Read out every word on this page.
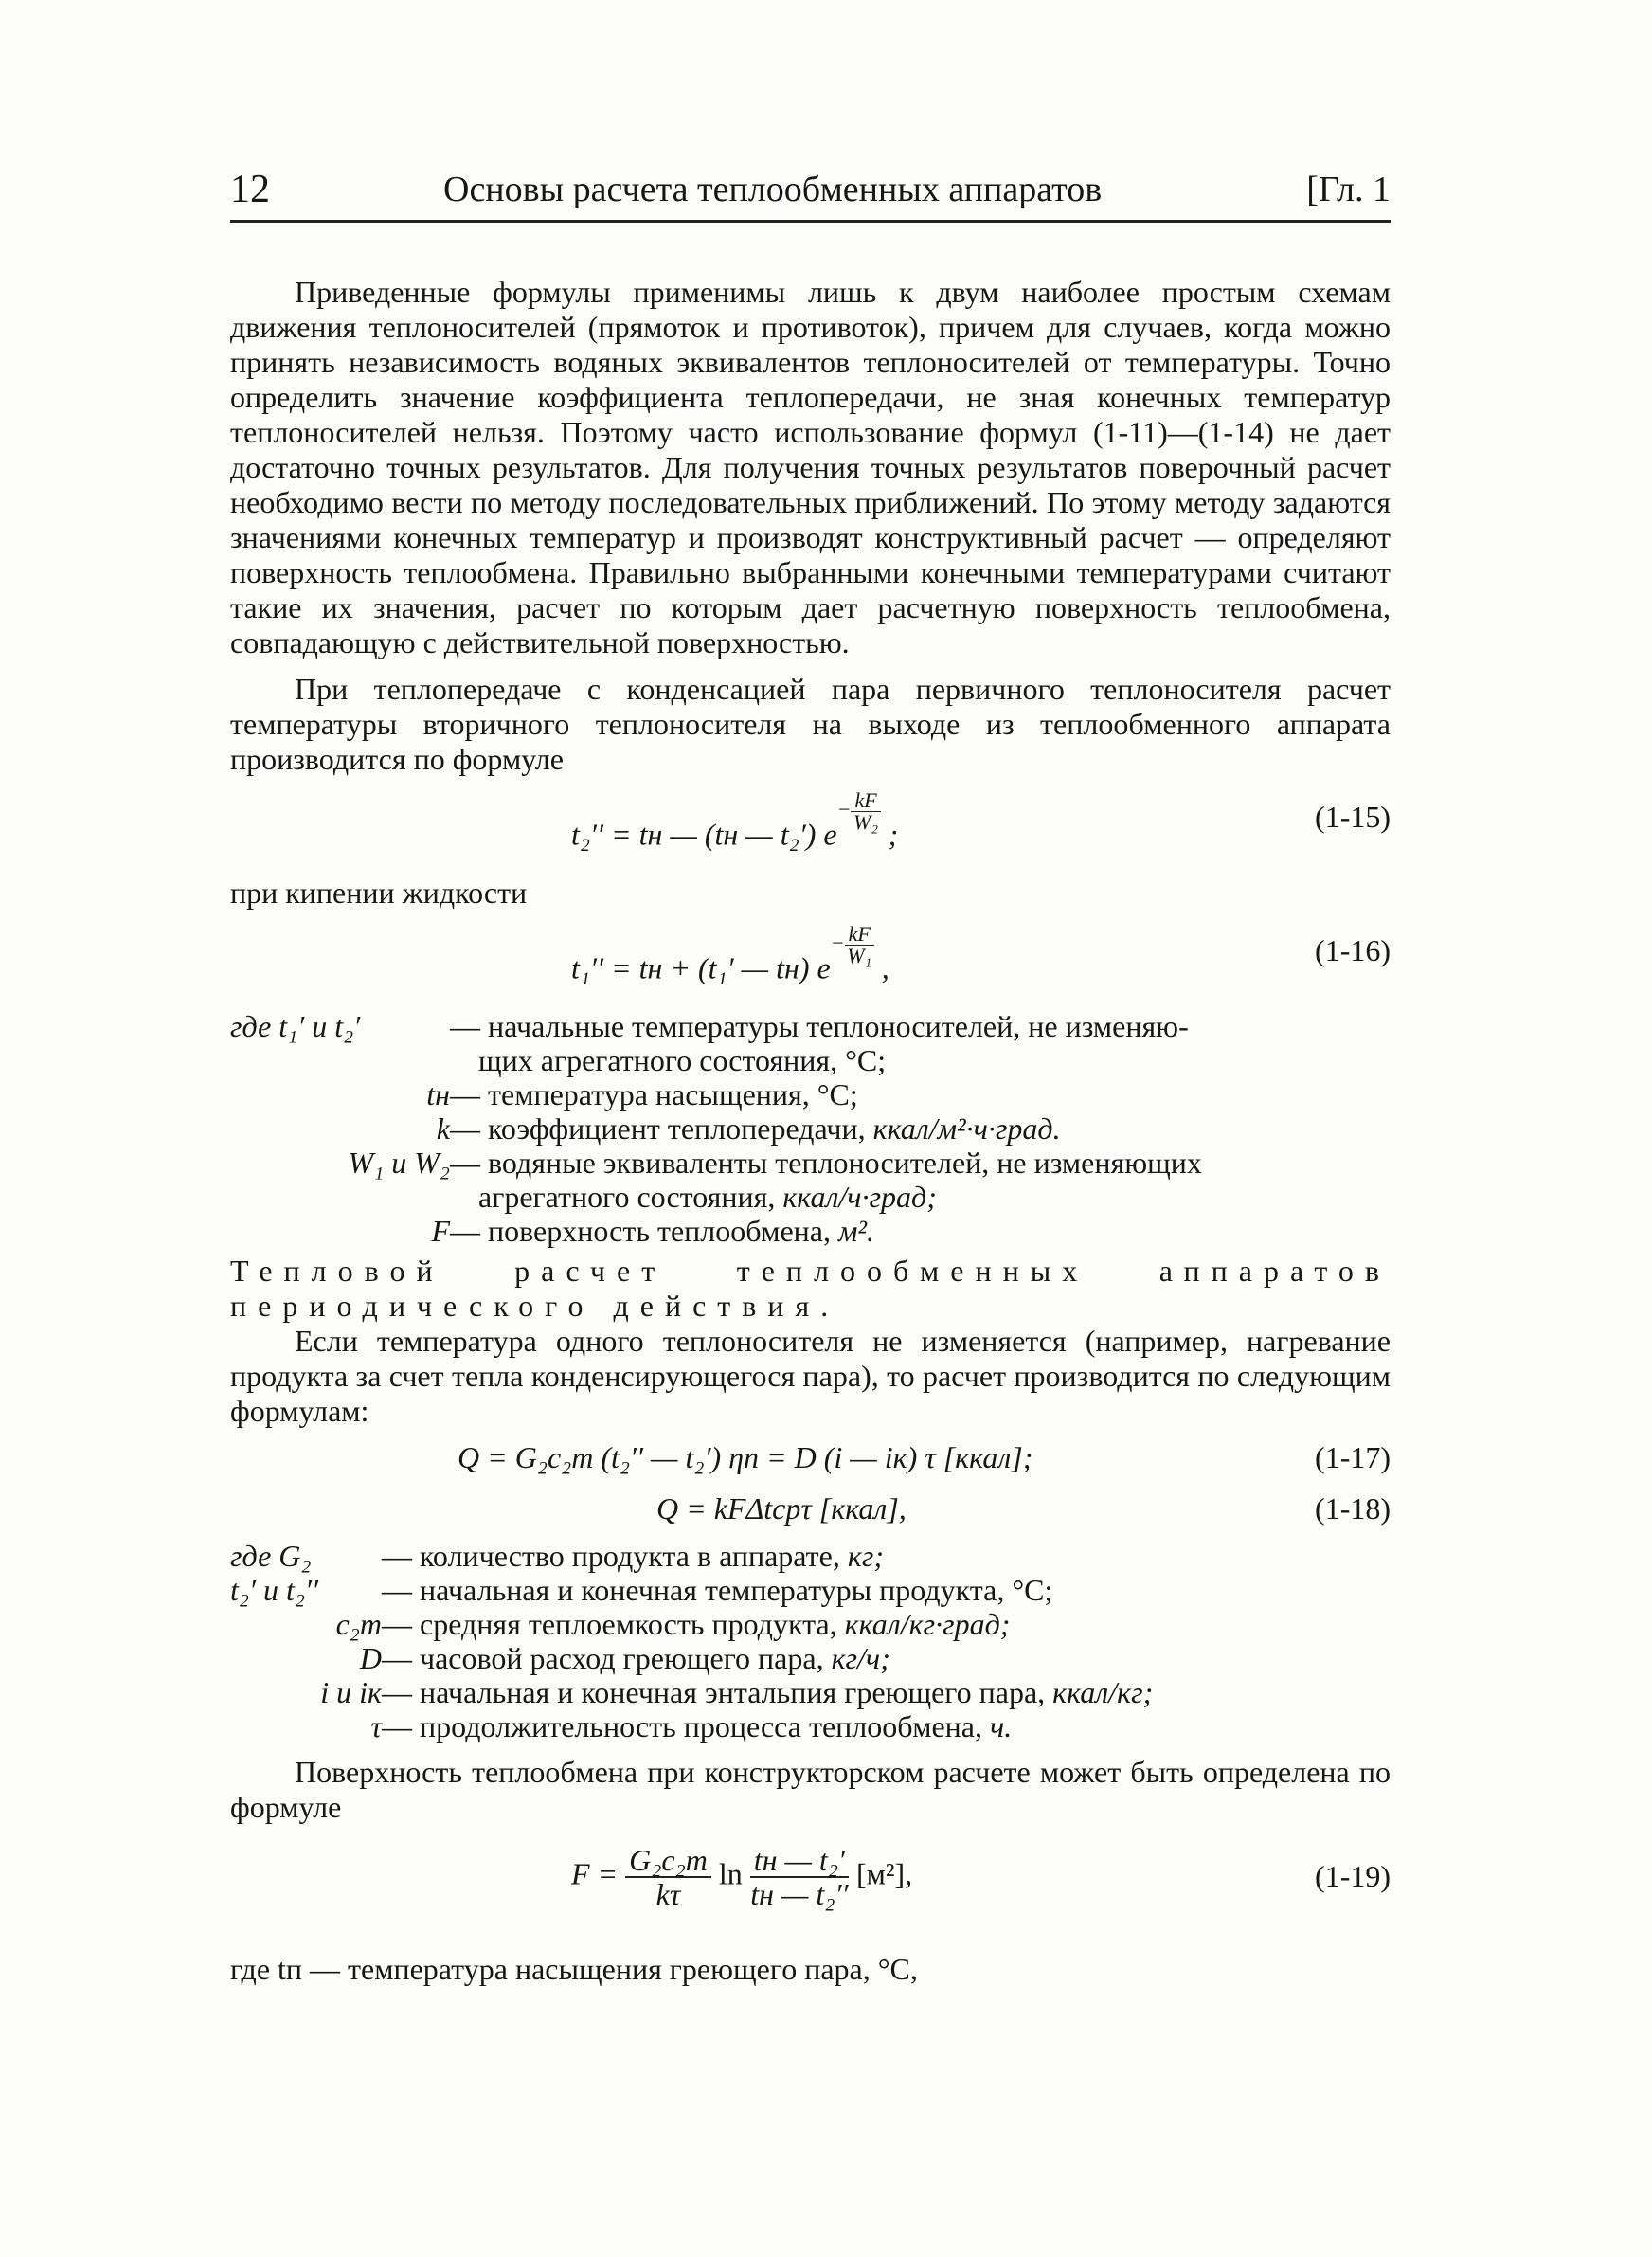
12	Основы расчета теплообменных аппаратов	[Гл. 1

Приведенные формулы применимы лишь к двум наиболее простым схемам движения теплоносителей (прямоток и противоток), причем для случаев, когда можно принять независимость водяных эквивалентов теплоносителей от температуры. Точно определить значение коэффициента теплопередачи, не зная конечных температур теплоносителей нельзя. Поэтому часто использование формул (1-11)—(1-14) не дает достаточно точных результатов. Для получения точных результатов поверочный расчет необходимо вести по методу последовательных приближений. По этому методу задаются значениями конечных температур и производят конструктивный расчет — определяют поверхность теплообмена. Правильно выбранными конечными температурами считают такие их значения, расчет по которым дает расчетную поверхность теплообмена, совпадающую с действительной поверхностью.

При теплопередаче с конденсацией пара первичного теплоносителя расчет температуры вторичного теплоносителя на выходе из теплообменного аппарата производится по формуле

t₂′′ = tн — (tн — t₂′) $e- \frac{kF}{\text{W₂}}$
;
(1-15)

при кипении жидкости

t₁′′ = tн + (t₁′ — tн) $e- \frac{kF}{\text{W₁}}$
,
(1-16)
где t₁′ и t₂′	— начальные температуры теплоносителей, не изменяю-
щих агрегатного состояния, °С;
tн — температура насыщения, °С;
k — коэффициент теплопередачи, ккал/м²·ч·град.
W₁ и W₂ — водяные эквиваленты теплоносителей, не изменяющих
агрегатного состояния, ккал/ч·град;
F — поверхность теплообмена, м².

Тепловой расчет теплообменных аппаратов периодического действия.

Если температура одного теплоносителя не изменяется (например, нагревание продукта за счет тепла конденсирующегося пара), то расчет производится по следующим формулам:

Q = G₂c₂m (t₂′′ — t₂′) ηп = D (i — iк) τ [ккал];	(1-17)
Q = kFΔtсрτ [ккал],	(1-18)
где G₂	— количество продукта в аппарате, кг;
t₂′ и t₂′′	— начальная и конечная температуры продукта, °С;
c₂m — средняя теплоемкость продукта, ккал/кг·град;
D — часовой расход греющего пара, кг/ч;
i и iк — начальная и конечная энтальпия греющего пара, ккал/кг;
τ — продолжительность процесса теплообмена, ч.

Поверхность теплообмена при конструкторском расчете может быть определена по формуле

$F = \frac{\text{G₂c₂m}}{k\tau}$ $\ln \frac{\text{tн — t₂′}}{\text{tн — t₂′′}} [м^2]$,	(1-19)

где tп — температура насыщения греющего пара, °С,
